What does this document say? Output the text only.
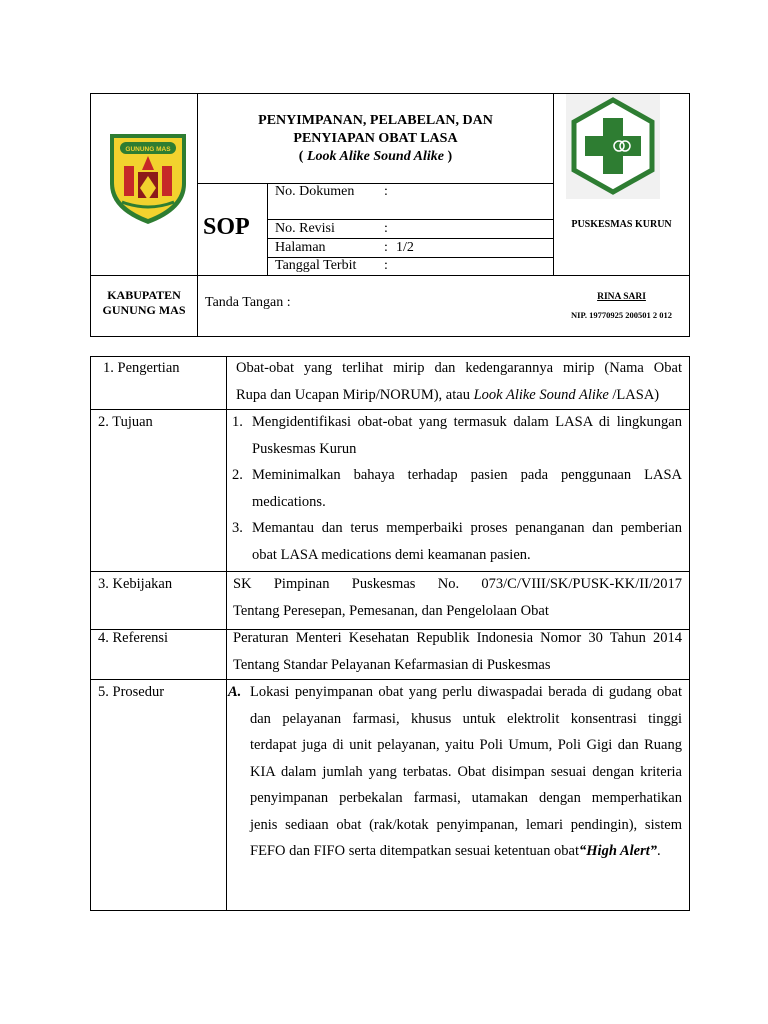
GUNUNG MAS
PENYIMPANAN, PELABELAN, DAN
PENYIAPAN OBAT LASA
( Look Alike Sound Alike )
SOP
No. Dokumen :
No. Revisi	:
Halaman	: 1/2
Tanggal Terbit :
PUSKESMAS KURUN
KABUPATEN
GUNUNG MAS	Tanda Tangan :	RINA SARI
NIP. 19770925 200501 2 012
1. Pengertian	Obat-obat yang terlihat mirip dan kedengarannya mirip (Nama Obat
Rupa dan Ucapan Mirip/NORUM), atau Look Alike Sound Alike /LASA)
2. Tujuan	1. Mengidentifikasi obat-obat yang termasuk dalam LASA di lingkungan
Puskesmas Kurun
2. Meminimalkan bahaya terhadap pasien pada penggunaan LASA
medications.
3. Memantau dan terus memperbaiki proses penanganan dan pemberian
obat LASA medications demi keamanan pasien.
3. Kebijakan	SK Pimpinan Puskesmas No. 073/C/VIII/SK/PUSK-KK/II/2017
Tentang Peresepan, Pemesanan, dan Pengelolaan Obat
4. Referensi	Peraturan Menteri Kesehatan Republik Indonesia Nomor 30 Tahun 2014
Tentang Standar Pelayanan Kefarmasian di Puskesmas
5. Prosedur	A. Lokasi penyimpanan obat yang perlu diwaspadai berada di gudang obat
dan pelayanan farmasi, khusus untuk elektrolit konsentrasi tinggi
terdapat juga di unit pelayanan, yaitu Poli Umum, Poli Gigi dan Ruang
KIA dalam jumlah yang terbatas. Obat disimpan sesuai dengan kriteria
penyimpanan perbekalan farmasi, utamakan dengan memperhatikan
jenis sediaan obat (rak/kotak penyimpanan, lemari pendingin), sistem
FEFO dan FIFO serta ditempatkan sesuai ketentuan obat“High Alert”.
